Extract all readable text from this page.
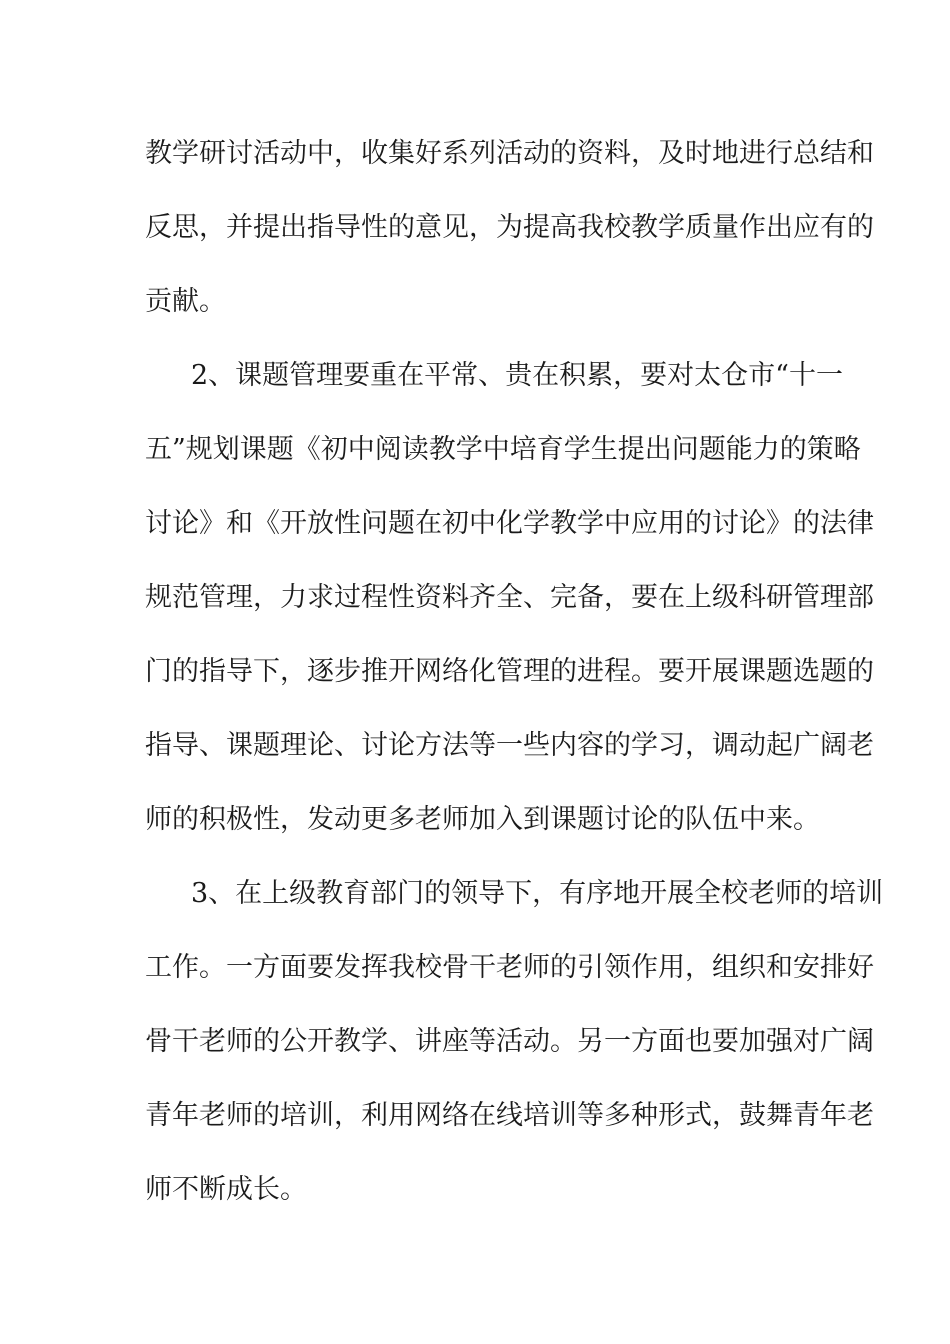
教学研讨活动中，收集好系列活动的资料，及时地进行总结和
反思，并提出指导性的意见，为提高我校教学质量作出应有的
贡献。
2、课题管理要重在平常、贵在积累，要对太仓市“十一
五”规划课题《初中阅读教学中培育学生提出问题能力的策略
讨论》和《开放性问题在初中化学教学中应用的讨论》的法律
规范管理，力求过程性资料齐全、完备，要在上级科研管理部
门的指导下，逐步推开网络化管理的进程。要开展课题选题的
指导、课题理论、讨论方法等一些内容的学习，调动起广阔老
师的积极性，发动更多老师加入到课题讨论的队伍中来。
3、在上级教育部门的领导下，有序地开展全校老师的培训
工作。一方面要发挥我校骨干老师的引领作用，组织和安排好
骨干老师的公开教学、讲座等活动。另一方面也要加强对广阔
青年老师的培训，利用网络在线培训等多种形式，鼓舞青年老
师不断成长。
